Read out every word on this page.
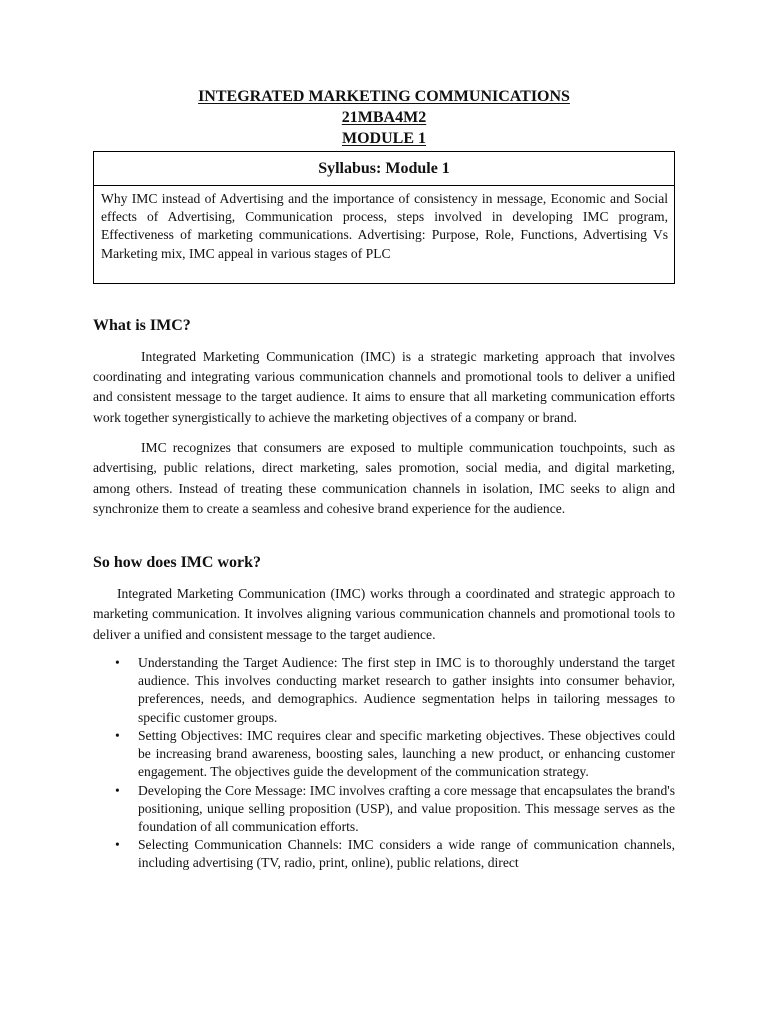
INTEGRATED MARKETING COMMUNICATIONS
21MBA4M2
MODULE 1
Syllabus: Module 1
Why IMC instead of Advertising and the importance of consistency in message, Economic and Social effects of Advertising, Communication process, steps involved in developing IMC program, Effectiveness of marketing communications. Advertising: Purpose, Role, Functions, Advertising Vs Marketing mix, IMC appeal in various stages of PLC
What is IMC?

Integrated Marketing Communication (IMC) is a strategic marketing approach that involves coordinating and integrating various communication channels and promotional tools to deliver a unified and consistent message to the target audience. It aims to ensure that all marketing communication efforts work together synergistically to achieve the marketing objectives of a company or brand.

IMC recognizes that consumers are exposed to multiple communication touchpoints, such as advertising, public relations, direct marketing, sales promotion, social media, and digital marketing, among others. Instead of treating these communication channels in isolation, IMC seeks to align and synchronize them to create a seamless and cohesive brand experience for the audience.

So how does IMC work?

Integrated Marketing Communication (IMC) works through a coordinated and strategic approach to marketing communication. It involves aligning various communication channels and promotional tools to deliver a unified and consistent message to the target audience.

• Understanding the Target Audience: The first step in IMC is to thoroughly understand the target audience. This involves conducting market research to gather insights into consumer behavior, preferences, needs, and demographics. Audience segmentation helps in tailoring messages to specific customer groups.
• Setting Objectives: IMC requires clear and specific marketing objectives. These objectives could be increasing brand awareness, boosting sales, launching a new product, or enhancing customer engagement. The objectives guide the development of the communication strategy.
• Developing the Core Message: IMC involves crafting a core message that encapsulates the brand's positioning, unique selling proposition (USP), and value proposition. This message serves as the foundation of all communication efforts.
• Selecting Communication Channels: IMC considers a wide range of communication channels, including advertising (TV, radio, print, online), public relations, direct
